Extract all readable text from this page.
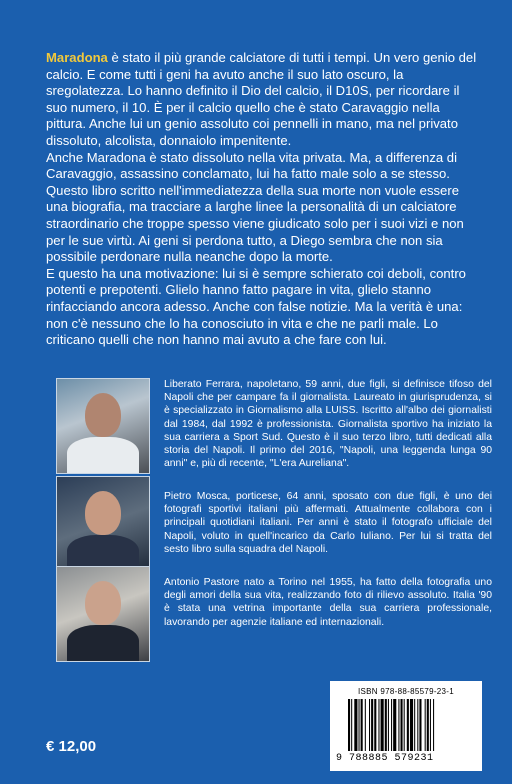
Maradona è stato il più grande calciatore di tutti i tempi. Un vero genio del calcio. E come tutti i geni ha avuto anche il suo lato oscuro, la sregolatezza. Lo hanno definito il Dio del calcio, il D10S, per ricordare il suo numero, il 10. È per il calcio quello che è stato Caravaggio nella pittura. Anche lui un genio assoluto coi pennelli in mano, ma nel privato dissoluto, alcolista, donnaiolo impenitente.

Anche Maradona è stato dissoluto nella vita privata. Ma, a differenza di Caravaggio, assassino conclamato, lui ha fatto male solo a se stesso. Questo libro scritto nell'immediatezza della sua morte non vuole essere una biografia, ma tracciare a larghe linee la personalità di un calciatore straordinario che troppe spesso viene giudicato solo per i suoi vizi e non per le sue virtù. Ai geni si perdona tutto, a Diego sembra che non sia possibile perdonare nulla neanche dopo la morte.

E questo ha una motivazione: lui si è sempre schierato coi deboli, contro potenti e prepotenti. Glielo hanno fatto pagare in vita, glielo stanno rinfacciando ancora adesso. Anche con false notizie. Ma la verità è una: non c'è nessuno che lo ha conosciuto in vita e che ne parli male. Lo criticano quelli che non hanno mai avuto a che fare con lui.

Liberato Ferrara, napoletano, 59 anni, due figli, si definisce tifoso del Napoli che per campare fa il giornalista. Laureato in giurisprudenza, si è specializzato in Giornalismo alla LUISS. Iscritto all'albo dei giornalisti dal 1984, dal 1992 è professionista. Giornalista sportivo ha iniziato la sua carriera a Sport Sud. Questo è il suo terzo libro, tutti dedicati alla storia del Napoli. Il primo del 2016, "Napoli, una leggenda lunga 90 anni" e, più di recente, "L'era Aureliana".
Pietro Mosca, porticese, 64 anni, sposato con due figli, è uno dei fotografi sportivi italiani più affermati. Attualmente collabora con i principali quotidiani italiani. Per anni è stato il fotografo ufficiale del Napoli, voluto in quell'incarico da Carlo Iuliano. Per lui si tratta del sesto libro sulla squadra del Napoli.
Antonio Pastore nato a Torino nel 1955, ha fatto della fotografia uno degli amori della sua vita, realizzando foto di rilievo assoluto. Italia '90 è stata una vetrina importante della sua carriera professionale, lavorando per agenzie italiane ed internazionali.
ISBN 978-88-85579-23-1
9 788885 579231
€ 12,00
